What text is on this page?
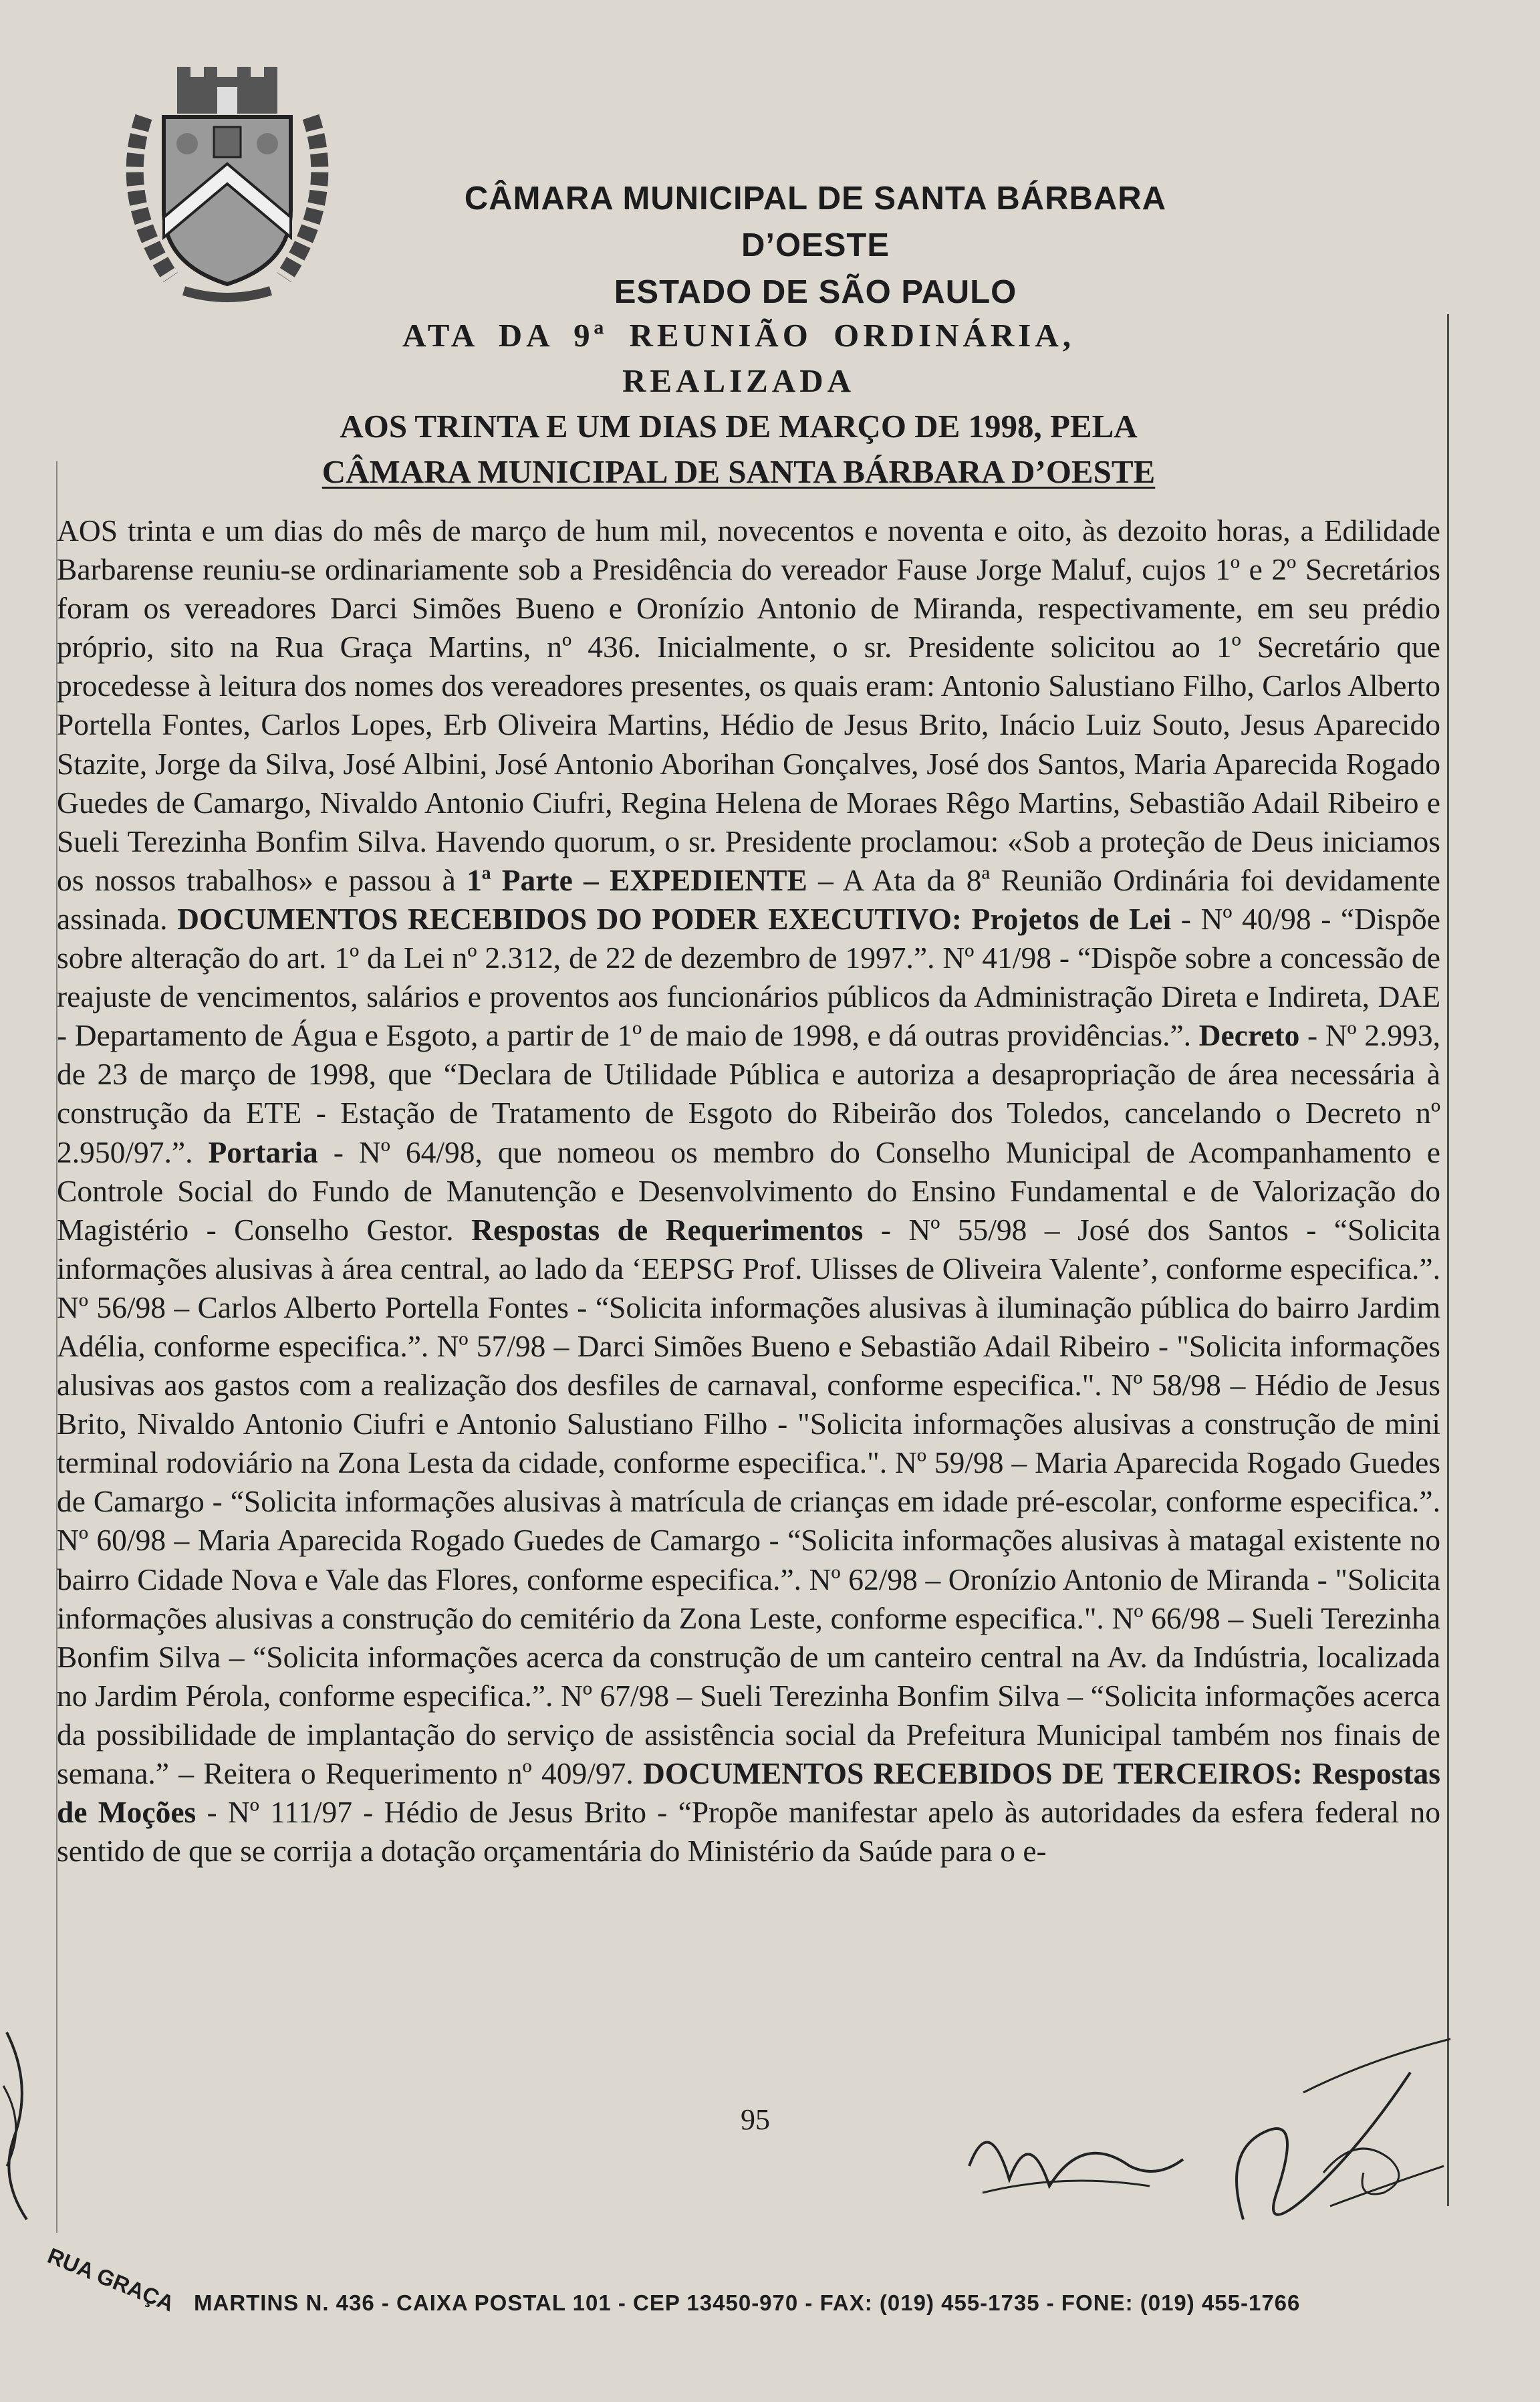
CÂMARA MUNICIPAL DE SANTA BÁRBARA D’OESTE
ESTADO DE SÃO PAULO
ATA DA 9ª REUNIÃO ORDINÁRIA, REALIZADA
AOS TRINTA E UM DIAS DE MARÇO DE 1998, PELA
CÂMARA MUNICIPAL DE SANTA BÁRBARA D’OESTE
AOS trinta e um dias do mês de março de hum mil, novecentos e noventa e oito, às dezoito horas, a Edilidade Barbarense reuniu-se ordinariamente sob a Presidência do vereador Fause Jorge Maluf, cujos 1º e 2º Secretários foram os vereadores Darci Simões Bueno e Oronízio Antonio de Miranda, respectivamente, em seu prédio próprio, sito na Rua Graça Martins, nº 436. Inicialmente, o sr. Presidente solicitou ao 1º Secretário que procedesse à leitura dos nomes dos vereadores presentes, os quais eram: Antonio Salustiano Filho, Carlos Alberto Portella Fontes, Carlos Lopes, Erb Oliveira Martins, Hédio de Jesus Brito, Inácio Luiz Souto, Jesus Aparecido Stazite, Jorge da Silva, José Albini, José Antonio Aborihan Gonçalves, José dos Santos, Maria Aparecida Rogado Guedes de Camargo, Nivaldo Antonio Ciufri, Regina Helena de Moraes Rêgo Martins, Sebastião Adail Ribeiro e Sueli Terezinha Bonfim Silva. Havendo quorum, o sr. Presidente proclamou: «Sob a proteção de Deus iniciamos os nossos trabalhos» e passou à 1ª Parte – EXPEDIENTE – A Ata da 8ª Reunião Ordinária foi devidamente assinada. DOCUMENTOS RECEBIDOS DO PODER EXECUTIVO: Projetos de Lei - Nº 40/98 - “Dispõe sobre alteração do art. 1º da Lei nº 2.312, de 22 de dezembro de 1997.”. Nº 41/98 - “Dispõe sobre a concessão de reajuste de vencimentos, salários e proventos aos funcionários públicos da Administração Direta e Indireta, DAE - Departamento de Água e Esgoto, a partir de 1º de maio de 1998, e dá outras providências.”. Decreto - Nº 2.993, de 23 de março de 1998, que “Declara de Utilidade Pública e autoriza a desapropriação de área necessária à construção da ETE - Estação de Tratamento de Esgoto do Ribeirão dos Toledos, cancelando o Decreto nº 2.950/97.”. Portaria - Nº 64/98, que nomeou os membro do Conselho Municipal de Acompanhamento e Controle Social do Fundo de Manutenção e Desenvolvimento do Ensino Fundamental e de Valorização do Magistério - Conselho Gestor. Respostas de Requerimentos - Nº 55/98 – José dos Santos - “Solicita informações alusivas à área central, ao lado da ‘EEPSG Prof. Ulisses de Oliveira Valente’, conforme especifica.”. Nº 56/98 – Carlos Alberto Portella Fontes - “Solicita informações alusivas à iluminação pública do bairro Jardim Adélia, conforme especifica.”. Nº 57/98 – Darci Simões Bueno e Sebastião Adail Ribeiro - "Solicita informações alusivas aos gastos com a realização dos desfiles de carnaval, conforme especifica.". Nº 58/98 – Hédio de Jesus Brito, Nivaldo Antonio Ciufri e Antonio Salustiano Filho - "Solicita informações alusivas a construção de mini terminal rodoviário na Zona Lesta da cidade, conforme especifica.". Nº 59/98 – Maria Aparecida Rogado Guedes de Camargo - “Solicita informações alusivas à matrícula de crianças em idade pré-escolar, conforme especifica.”. Nº 60/98 – Maria Aparecida Rogado Guedes de Camargo - “Solicita informações alusivas à matagal existente no bairro Cidade Nova e Vale das Flores, conforme especifica.”. Nº 62/98 – Oronízio Antonio de Miranda - "Solicita informações alusivas a construção do cemitério da Zona Leste, conforme especifica.". Nº 66/98 – Sueli Terezinha Bonfim Silva – “Solicita informações acerca da construção de um canteiro central na Av. da Indústria, localizada no Jardim Pérola, conforme especifica.”. Nº 67/98 – Sueli Terezinha Bonfim Silva – “Solicita informações acerca da possibilidade de implantação do serviço de assistência social da Prefeitura Municipal também nos finais de semana.” – Reitera o Requerimento nº 409/97. DOCUMENTOS RECEBIDOS DE TERCEIROS: Respostas de Moções - Nº 111/97 - Hédio de Jesus Brito - “Propõe manifestar apelo às autoridades da esfera federal no sentido de que se corrija a dotação orçamentária do Ministério da Saúde para o e-
95
RUA GRAÇA MARTINS N. 436 - CAIXA POSTAL 101 - CEP 13450-970 - FAX: (019) 455-1735 - FONE: (019) 455-1766
